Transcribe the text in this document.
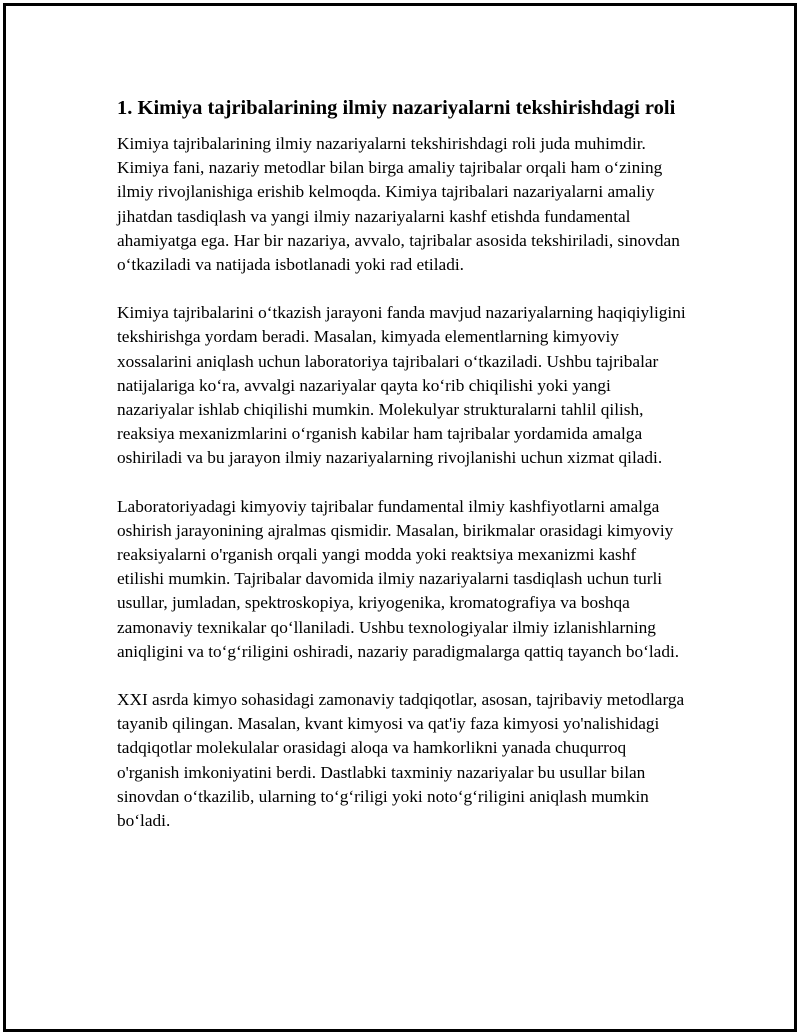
1. Kimiya tajribalarining ilmiy nazariyalarni tekshirishdagi roli

Kimiya tajribalarining ilmiy nazariyalarni tekshirishdagi roli juda muhimdir. Kimiya fani, nazariy metodlar bilan birga amaliy tajribalar orqali ham o‘zining ilmiy rivojlanishiga erishib kelmoqda. Kimiya tajribalari nazariyalarni amaliy jihatdan tasdiqlash va yangi ilmiy nazariyalarni kashf etishda fundamental ahamiyatga ega. Har bir nazariya, avvalo, tajribalar asosida tekshiriladi, sinovdan o‘tkaziladi va natijada isbotlanadi yoki rad etiladi.

Kimiya tajribalarini o‘tkazish jarayoni fanda mavjud nazariyalarning haqiqiyligini tekshirishga yordam beradi. Masalan, kimyada elementlarning kimyoviy xossalarini aniqlash uchun laboratoriya tajribalari o‘tkaziladi. Ushbu tajribalar natijalariga ko‘ra, avvalgi nazariyalar qayta ko‘rib chiqilishi yoki yangi nazariyalar ishlab chiqilishi mumkin. Molekulyar strukturalarni tahlil qilish, reaksiya mexanizmlarini o‘rganish kabilar ham tajribalar yordamida amalga oshiriladi va bu jarayon ilmiy nazariyalarning rivojlanishi uchun xizmat qiladi.

Laboratoriyadagi kimyoviy tajribalar fundamental ilmiy kashfiyotlarni amalga oshirish jarayonining ajralmas qismidir. Masalan, birikmalar orasidagi kimyoviy reaksiyalarni o'rganish orqali yangi modda yoki reaktsiya mexanizmi kashf etilishi mumkin. Tajribalar davomida ilmiy nazariyalarni tasdiqlash uchun turli usullar, jumladan, spektroskopiya, kriyogenika, kromatografiya va boshqa zamonaviy texnikalar qo‘llaniladi. Ushbu texnologiyalar ilmiy izlanishlarning aniqligini va to‘g‘riligini oshiradi, nazariy paradigmalarga qattiq tayanch bo‘ladi.

XXI asrda kimyo sohasidagi zamonaviy tadqiqotlar, asosan, tajribaviy metodlarga tayanib qilingan. Masalan, kvant kimyosi va qat'iy faza kimyosi yo'nalishidagi tadqiqotlar molekulalar orasidagi aloqa va hamkorlikni yanada chuqurroq o'rganish imkoniyatini berdi. Dastlabki taxminiy nazariyalar bu usullar bilan sinovdan o‘tkazilib, ularning to‘g‘riligi yoki noto‘g‘riligini aniqlash mumkin bo‘ladi.
